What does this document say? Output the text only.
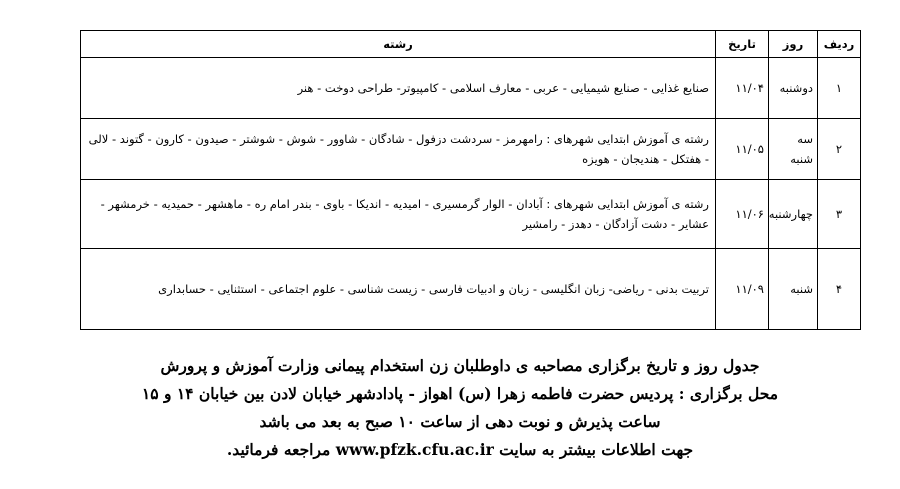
ردیف	روز	تاریخ	رشته
۱	دوشنبه	۱۱/۰۴	صنایع غذایی - صنایع شیمیایی - عربی - معارف اسلامی - کامپیوتر- طراحی دوخت - هنر
۲	سه شنبه	۱۱/۰۵	رشته ی آموزش ابتدایی شهرهای : رامهرمز - سردشت دزفول - شادگان - شاوور - شوش - شوشتر - صیدون - کارون - گتوند - لالی - هفتکل - هندیجان - هویزه
۳	چهارشنبه	۱۱/۰۶	رشته ی آموزش ابتدایی شهرهای : آبادان - الوار گرمسیری - امیدیه - اندیکا - باوی - بندر امام ره - ماهشهر - حمیدیه - خرمشهر - عشایر - دشت آزادگان - دهدز - رامشیر
۴	شنبه	۱۱/۰۹	تربیت بدنی - ریاضی- زبان انگلیسی - زبان و ادبیات فارسی - زیست شناسی - علوم اجتماعی - استثنایی - حسابداری

جدول روز و تاریخ برگزاری مصاحبه ی داوطلبان زن استخدام پیمانی وزارت آموزش و پرورش

محل برگزاری : پردیس حضرت فاطمه زهرا (س) اهواز - پادادشهر خیابان لادن بین خیابان ۱۴ و ۱۵

ساعت پذیرش و نوبت دهی از ساعت ۱۰ صبح به بعد می باشد

جهت اطلاعات بیشتر به سایت www.pfzk.cfu.ac.ir مراجعه فرمائید.
